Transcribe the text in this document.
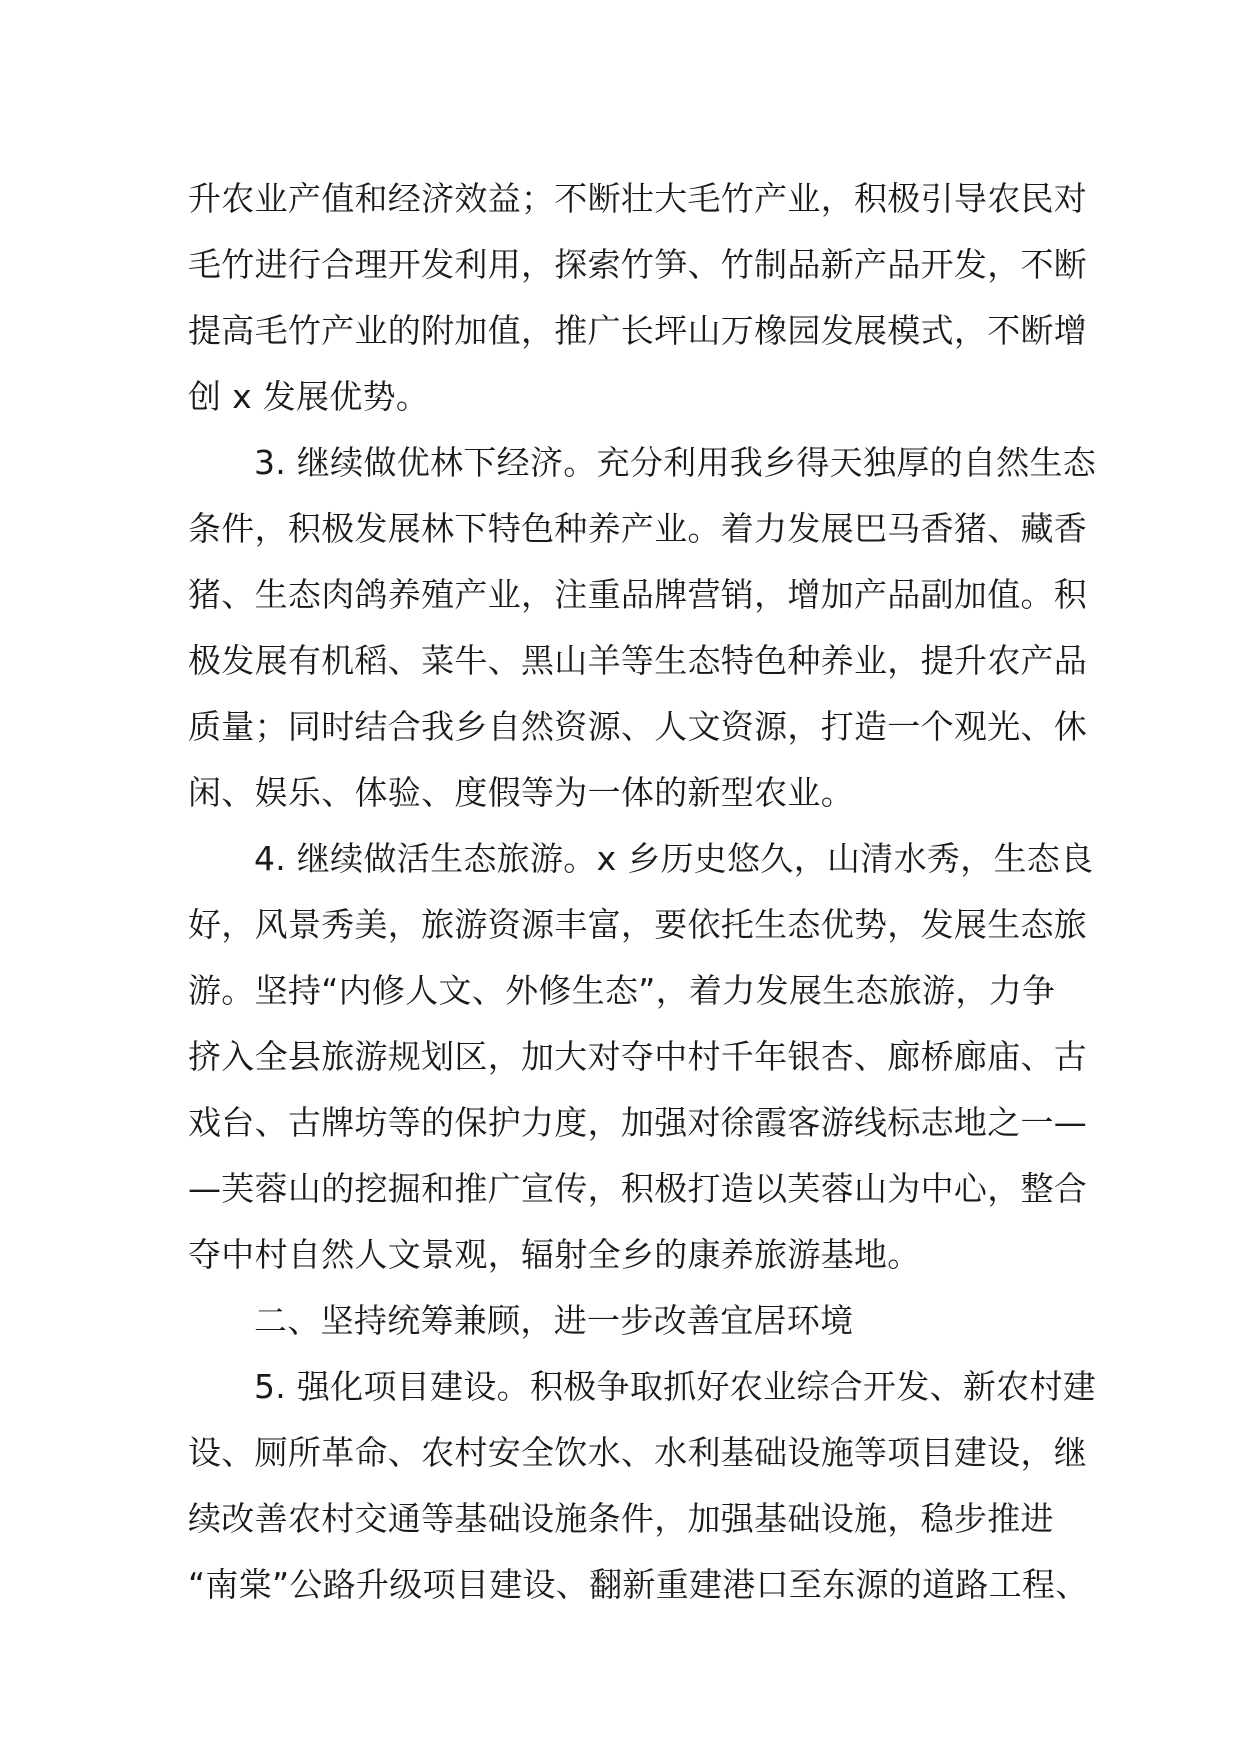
升农业产值和经济效益；不断壮大毛竹产业，积极引导农民对
毛竹进行合理开发利用，探索竹笋、竹制品新产品开发，不断
提高毛竹产业的附加值，推广长坪山万橡园发展模式，不断增
创 x 发展优势。
3. 继续做优林下经济。充分利用我乡得天独厚的自然生态
条件，积极发展林下特色种养产业。着力发展巴马香猪、藏香
猪、生态肉鸽养殖产业，注重品牌营销，增加产品副加值。积
极发展有机稻、菜牛、黑山羊等生态特色种养业，提升农产品
质量；同时结合我乡自然资源、人文资源，打造一个观光、休
闲、娱乐、体验、度假等为一体的新型农业。
4. 继续做活生态旅游。x 乡历史悠久，山清水秀，生态良
好，风景秀美，旅游资源丰富，要依托生态优势，发展生态旅
游。坚持“内修人文、外修生态”，着力发展生态旅游，力争
挤入全县旅游规划区，加大对夺中村千年银杏、廊桥廊庙、古
戏台、古牌坊等的保护力度，加强对徐霞客游线标志地之一—
—芙蓉山的挖掘和推广宣传，积极打造以芙蓉山为中心，整合
夺中村自然人文景观，辐射全乡的康养旅游基地。
二、坚持统筹兼顾，进一步改善宜居环境
5. 强化项目建设。积极争取抓好农业综合开发、新农村建
设、厕所革命、农村安全饮水、水利基础设施等项目建设，继
续改善农村交通等基础设施条件，加强基础设施，稳步推进
“南棠”公路升级项目建设、翻新重建港口至东源的道路工程、
